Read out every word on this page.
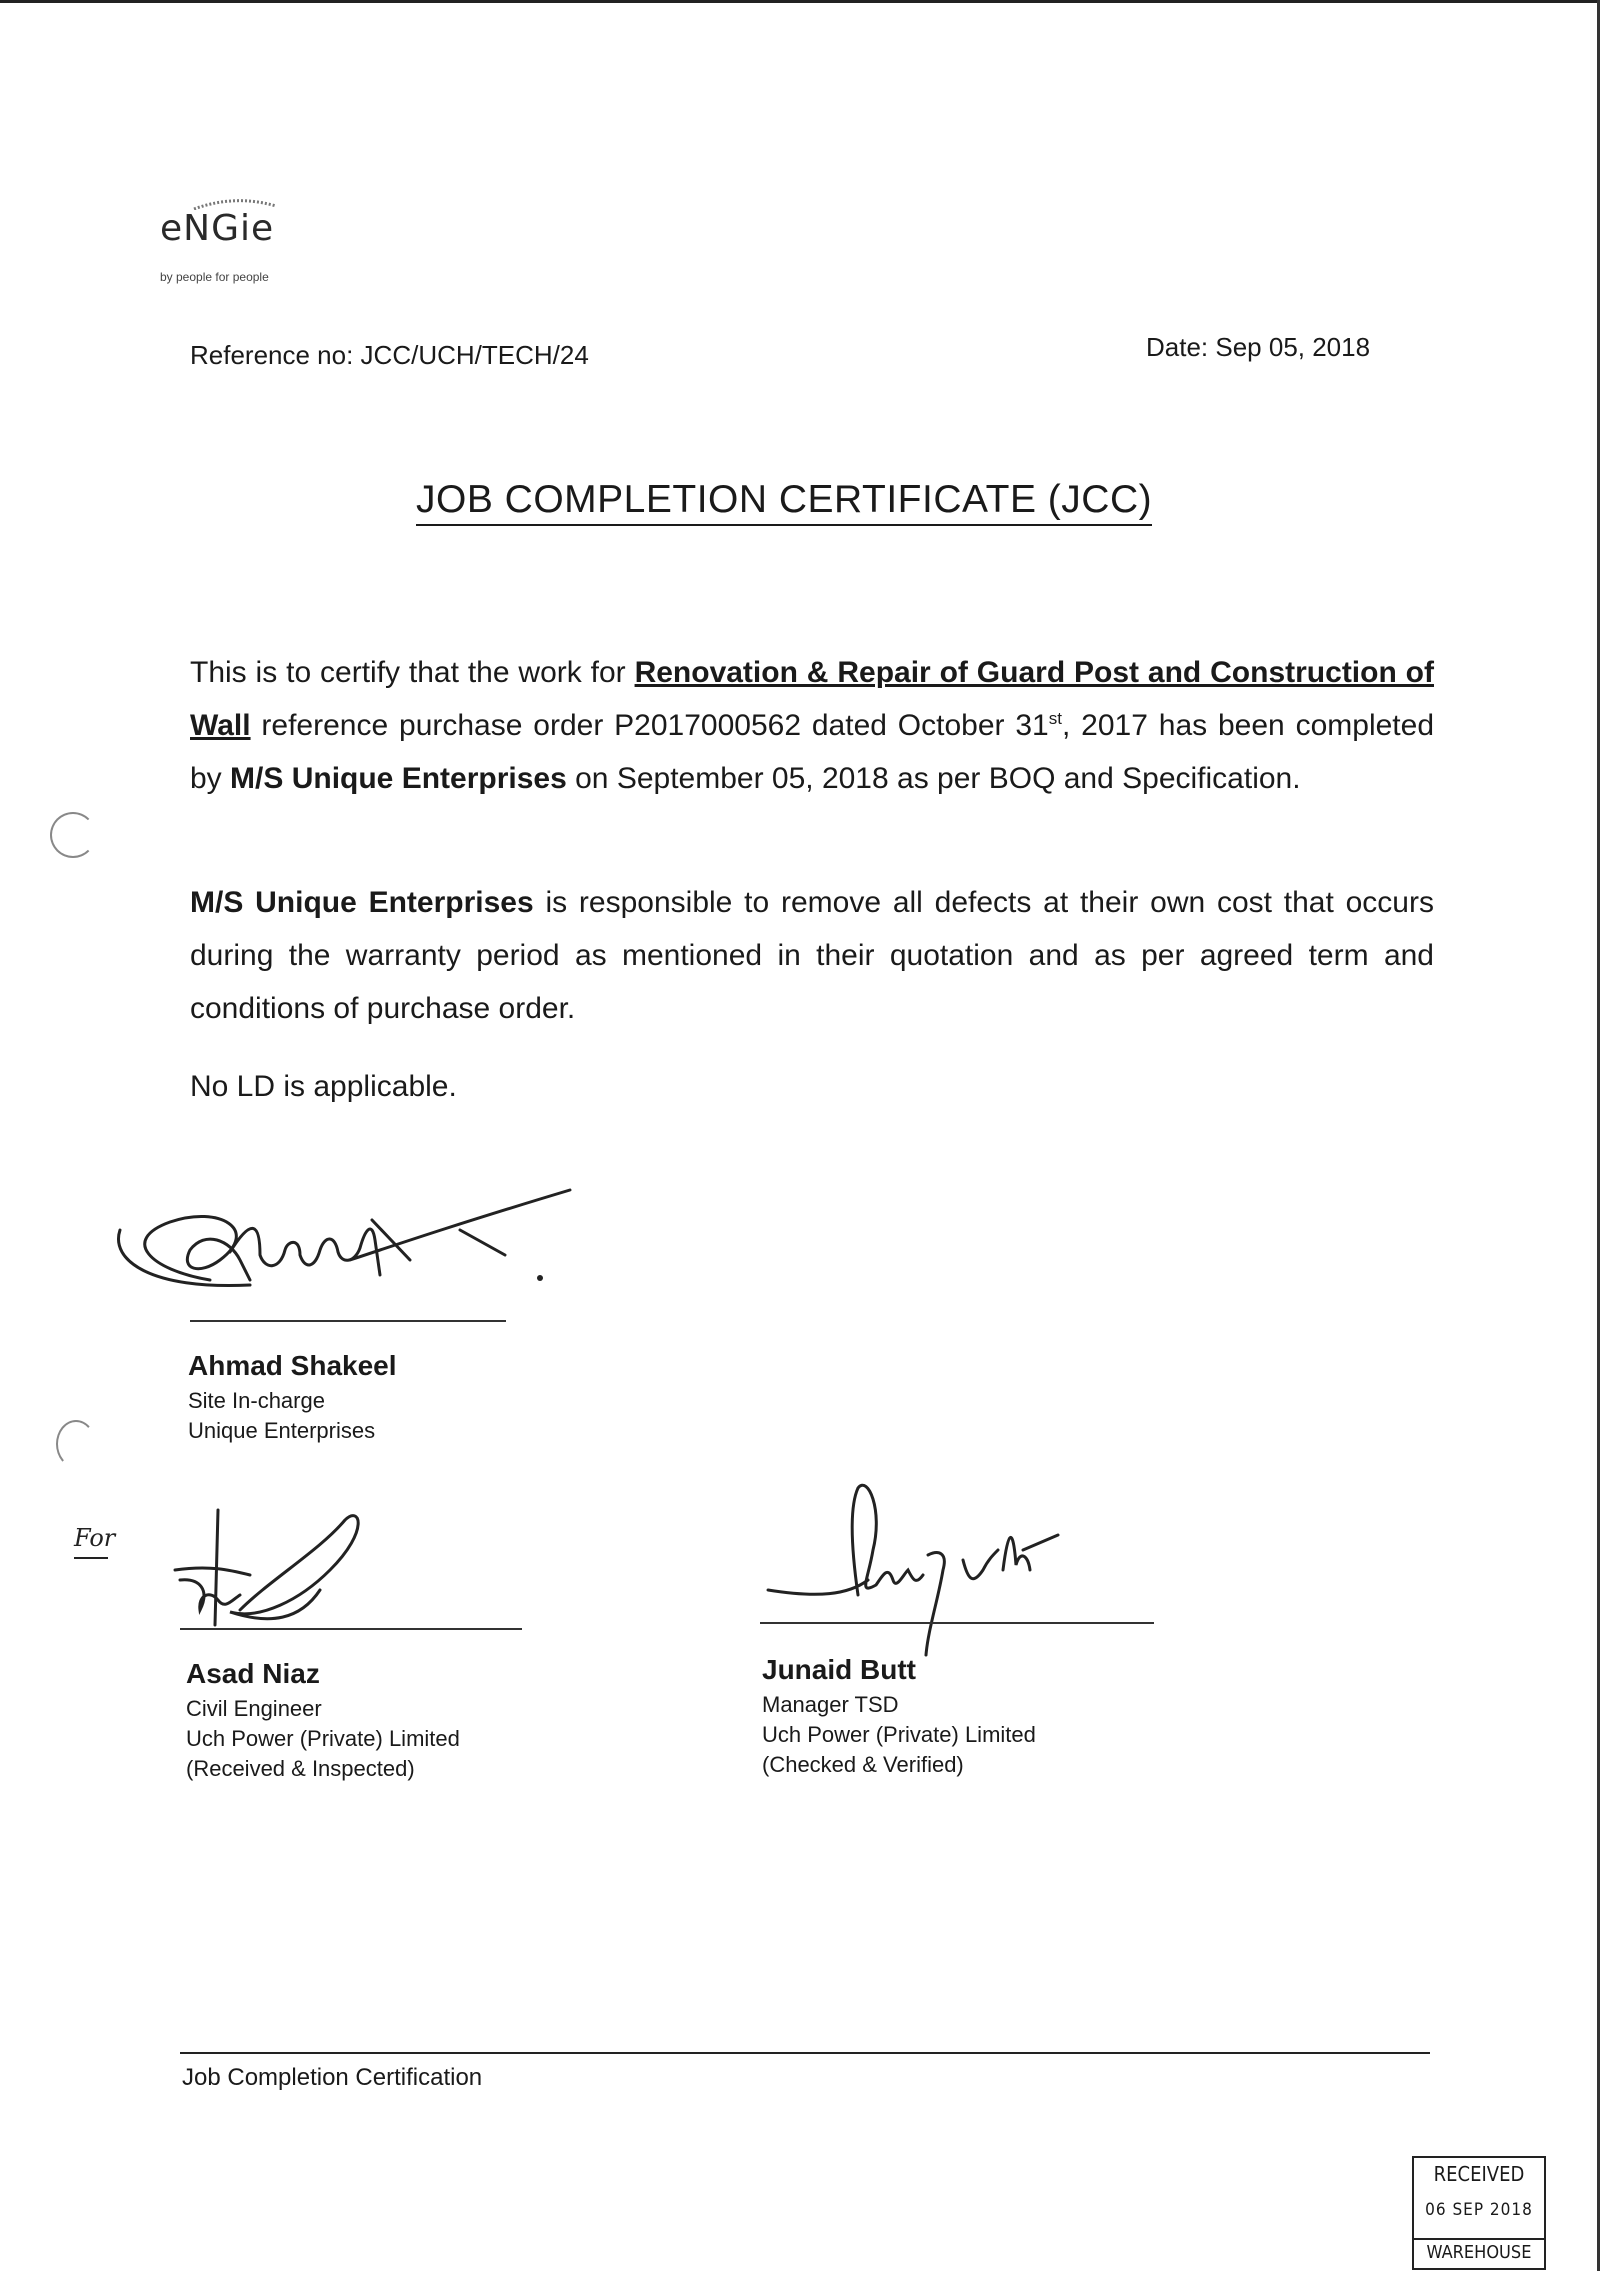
eNGie
by people for people
Reference no: JCC/UCH/TECH/24	Date: Sep 05, 2018
JOB COMPLETION CERTIFICATE (JCC)
This is to certify that the work for Renovation & Repair of Guard Post and Construction of Wall reference purchase order P2017000562 dated October 31st, 2017 has been completed by M/S Unique Enterprises on September 05, 2018 as per BOQ and Specification.
M/S Unique Enterprises is responsible to remove all defects at their own cost that occurs during the warranty period as mentioned in their quotation and as per agreed term and conditions of purchase order.
No LD is applicable.
Ahmad Shakeel
Site In-charge
Unique Enterprises
For
Asad Niaz
Civil Engineer
Uch Power (Private) Limited
(Received & Inspected)
Junaid Butt
Manager TSD
Uch Power (Private) Limited
(Checked & Verified)
Job Completion Certification
RECEIVED
06 SEP 2018
WAREHOUSE
